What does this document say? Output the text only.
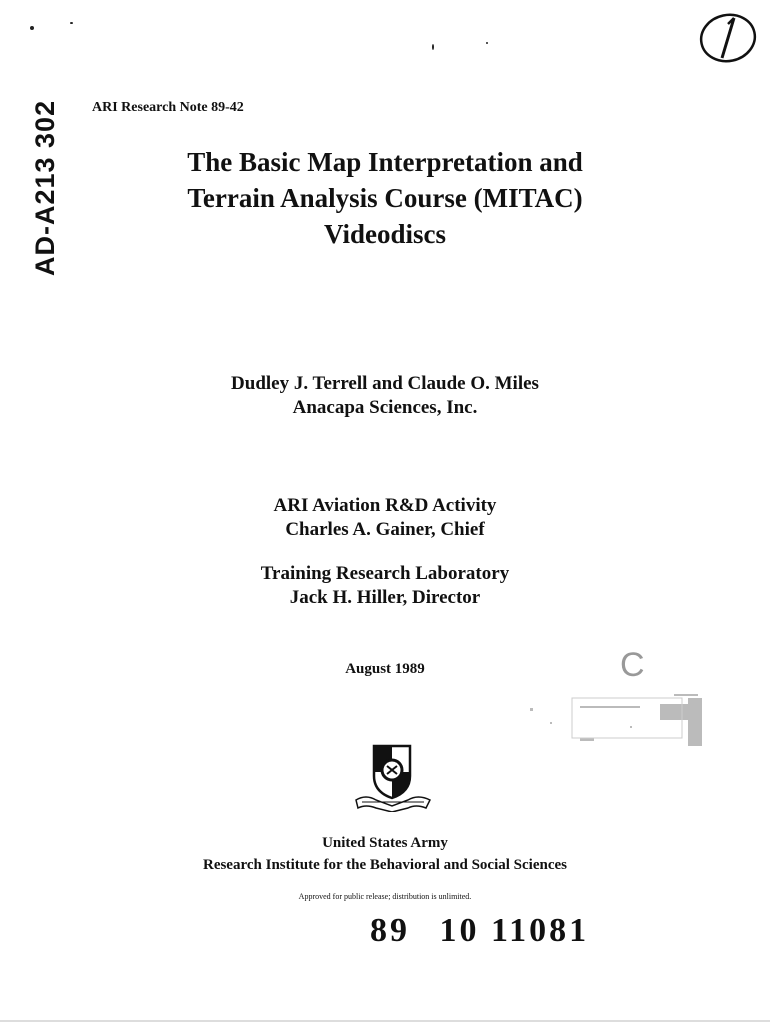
AD-A213 302 ARI Research Note 89-42
The Basic Map Interpretation and
Terrain Analysis Course (MITAC)
Videodiscs
Dudley J. Terrell and Claude O. Miles
Anacapa Sciences, Inc.
ARI Aviation R&D Activity
Charles A. Gainer, Chief
Training Research Laboratory
Jack H. Hiller, Director
August 1989	C
United States Army
Research Institute for the Behavioral and Social Sciences
Approved for public release; distribution is unlimited.
89 10 11081
